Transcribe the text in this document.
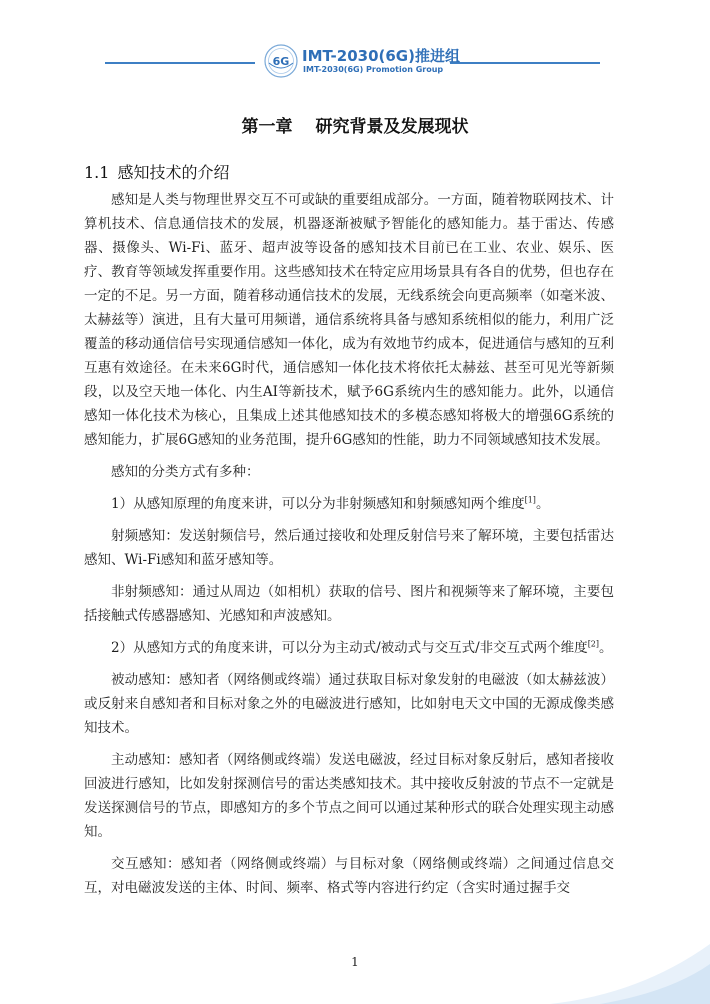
6G IMT-2030(6G)推进组
IMT-2030(6G) Promotion Group
第一章　 研究背景及发展现状
1.1 感知技术的介绍

感知是人类与物理世界交互不可或缺的重要组成部分。一方面，随着物联网技术、计算机技术、信息通信技术的发展，机器逐渐被赋予智能化的感知能力。基于雷达、传感器、摄像头、Wi-Fi、蓝牙、超声波等设备的感知技术目前已在工业、农业、娱乐、医疗、教育等领域发挥重要作用。这些感知技术在特定应用场景具有各自的优势，但也存在一定的不足。另一方面，随着移动通信技术的发展，无线系统会向更高频率（如毫米波、太赫兹等）演进，且有大量可用频谱，通信系统将具备与感知系统相似的能力，利用广泛覆盖的移动通信信号实现通信感知一体化，成为有效地节约成本，促进通信与感知的互利互惠有效途径。在未来6G时代，通信感知一体化技术将依托太赫兹、甚至可见光等新频段，以及空天地一体化、内生AI等新技术，赋予6G系统内生的感知能力。此外，以通信感知一体化技术为核心，且集成上述其他感知技术的多模态感知将极大的增强6G系统的感知能力，扩展6G感知的业务范围，提升6G感知的性能，助力不同领域感知技术发展。

感知的分类方式有多种：

1）从感知原理的角度来讲，可以分为非射频感知和射频感知两个维度[1]。

射频感知：发送射频信号，然后通过接收和处理反射信号来了解环境，主要包括雷达感知、Wi-Fi感知和蓝牙感知等。

非射频感知：通过从周边（如相机）获取的信号、图片和视频等来了解环境，主要包括接触式传感器感知、光感知和声波感知。

2）从感知方式的角度来讲，可以分为主动式/被动式与交互式/非交互式两个维度[2]。

被动感知：感知者（网络侧或终端）通过获取目标对象发射的电磁波（如太赫兹波）或反射来自感知者和目标对象之外的电磁波进行感知，比如射电天文中国的无源成像类感知技术。

主动感知：感知者（网络侧或终端）发送电磁波，经过目标对象反射后，感知者接收回波进行感知，比如发射探测信号的雷达类感知技术。其中接收反射波的节点不一定就是发送探测信号的节点，即感知方的多个节点之间可以通过某种形式的联合处理实现主动感知。

交互感知：感知者（网络侧或终端）与目标对象（网络侧或终端）之间通过信息交互，对电磁波发送的主体、时间、频率、格式等内容进行约定（含实时通过握手交

1
